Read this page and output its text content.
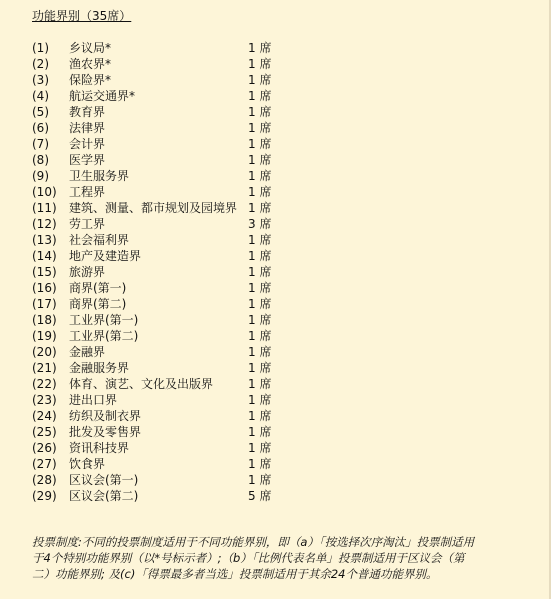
功能界别（35席）
(1)	乡议局*	1 席
(2)	渔农界*	1 席
(3)	保险界*	1 席
(4)	航运交通界*	1 席
(5)	教育界	1 席
(6)	法律界	1 席
(7)	会计界	1 席
(8)	医学界	1 席
(9)	卫生服务界	1 席
(10)	工程界	1 席
(11)	建筑、测量、都市规划及园境界 1 席
(12)	劳工界	3 席
(13)	社会福利界	1 席
(14)	地产及建造界	1 席
(15)	旅游界	1 席
(16)	商界(第一)	1 席
(17)	商界(第二)	1 席
(18)	工业界(第一)	1 席
(19)	工业界(第二)	1 席
(20)	金融界	1 席
(21)	金融服务界	1 席
(22)	体育、演艺、文化及出版界	1 席
(23)	进出口界	1 席
(24)	纺织及制衣界	1 席
(25)	批发及零售界	1 席
(26)	资讯科技界	1 席
(27)	饮食界	1 席
(28)	区议会(第一)	1 席
(29)	区议会(第二)	5 席

投票制度:不同的投票制度适用于不同功能界别，即（a）「按选择次序淘汰」投票制适用

于4个特别功能界别（以*号标示者）;（b）「比例代表名单」投票制适用于区议会（第

二）功能界别; 及(c)「得票最多者当选」投票制适用于其余24个普通功能界别。
